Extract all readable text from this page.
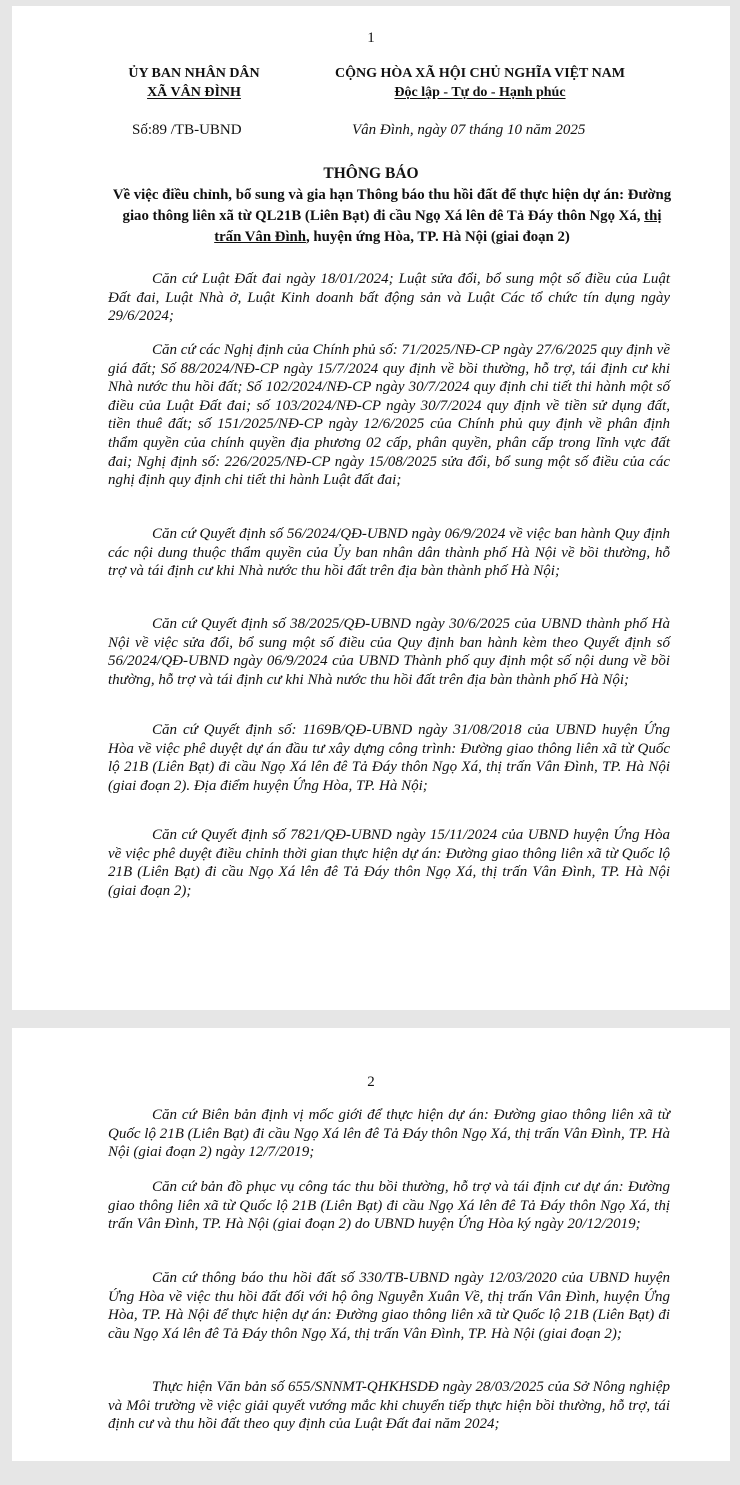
1
ỦY BAN NHÂN DÂN
XÃ VÂN ĐÌNH
CỘNG HÒA XÃ HỘI CHỦ NGHĨA VIỆT NAM
Độc lập - Tự do - Hạnh phúc
Số:89 /TB-UBND	Vân Đình, ngày 07 tháng 10 năm 2025
THÔNG BÁO
Về việc điều chỉnh, bổ sung và gia hạn Thông báo thu hồi đất để thực hiện dự án: Đường giao thông liên xã từ QL21B (Liên Bạt) đi cầu Ngọ Xá lên đê Tả Đáy thôn Ngọ Xá, thị trấn Vân Đình, huyện ứng Hòa, TP. Hà Nội (giai đoạn 2)

Căn cứ Luật Đất đai ngày 18/01/2024; Luật sửa đổi, bổ sung một số điều của Luật Đất đai, Luật Nhà ở, Luật Kinh doanh bất động sản và Luật Các tổ chức tín dụng ngày 29/6/2024;

Căn cứ các Nghị định của Chính phủ số: 71/2025/NĐ-CP ngày 27/6/2025 quy định về giá đất; Số 88/2024/NĐ-CP ngày 15/7/2024 quy định về bồi thường, hỗ trợ, tái định cư khi Nhà nước thu hồi đất; Số 102/2024/NĐ-CP ngày 30/7/2024 quy định chi tiết thi hành một số điều của Luật Đất đai; số 103/2024/NĐ-CP ngày 30/7/2024 quy định về tiền sử dụng đất, tiền thuê đất; số 151/2025/NĐ-CP ngày 12/6/2025 của Chính phủ quy định về phân định thẩm quyền của chính quyền địa phương 02 cấp, phân quyền, phân cấp trong lĩnh vực đất đai; Nghị định số: 226/2025/NĐ-CP ngày 15/08/2025 sửa đổi, bổ sung một số điều của các nghị định quy định chi tiết thi hành Luật đất đai;

Căn cứ Quyết định số 56/2024/QĐ-UBND ngày 06/9/2024 về việc ban hành Quy định các nội dung thuộc thẩm quyền của Ủy ban nhân dân thành phố Hà Nội về bồi thường, hỗ trợ và tái định cư khi Nhà nước thu hồi đất trên địa bàn thành phố Hà Nội;

Căn cứ Quyết định số 38/2025/QĐ-UBND ngày 30/6/2025 của UBND thành phố Hà Nội về việc sửa đổi, bổ sung một số điều của Quy định ban hành kèm theo Quyết định số 56/2024/QĐ-UBND ngày 06/9/2024 của UBND Thành phố quy định một số nội dung về bồi thường, hỗ trợ và tái định cư khi Nhà nước thu hồi đất trên địa bàn thành phố Hà Nội;

Căn cứ Quyết định số: 1169B/QĐ-UBND ngày 31/08/2018 của UBND huyện Ứng Hòa về việc phê duyệt dự án đầu tư xây dựng công trình: Đường giao thông liên xã từ Quốc lộ 21B (Liên Bạt) đi cầu Ngọ Xá lên đê Tả Đáy thôn Ngọ Xá, thị trấn Vân Đình, TP. Hà Nội (giai đoạn 2). Địa điểm huyện Ứng Hòa, TP. Hà Nội;

Căn cứ Quyết định số 7821/QĐ-UBND ngày 15/11/2024 của UBND huyện Ứng Hòa về việc phê duyệt điều chỉnh thời gian thực hiện dự án: Đường giao thông liên xã từ Quốc lộ 21B (Liên Bạt) đi cầu Ngọ Xá lên đê Tả Đáy thôn Ngọ Xá, thị trấn Vân Đình, TP. Hà Nội (giai đoạn 2);

2

Căn cứ Biên bản định vị mốc giới để thực hiện dự án: Đường giao thông liên xã từ Quốc lộ 21B (Liên Bạt) đi cầu Ngọ Xá lên đê Tả Đáy thôn Ngọ Xá, thị trấn Vân Đình, TP. Hà Nội (giai đoạn 2) ngày 12/7/2019;

Căn cứ bản đồ phục vụ công tác thu bồi thường, hỗ trợ và tái định cư dự án: Đường giao thông liên xã từ Quốc lộ 21B (Liên Bạt) đi cầu Ngọ Xá lên đê Tả Đáy thôn Ngọ Xá, thị trấn Vân Đình, TP. Hà Nội (giai đoạn 2) do UBND huyện Ứng Hòa ký ngày 20/12/2019;

Căn cứ thông báo thu hồi đất số 330/TB-UBND ngày 12/03/2020 của UBND huyện Ứng Hòa về việc thu hồi đất đối với hộ ông Nguyễn Xuân Về, thị trấn Vân Đình, huyện Ứng Hòa, TP. Hà Nội để thực hiện dự án: Đường giao thông liên xã từ Quốc lộ 21B (Liên Bạt) đi cầu Ngọ Xá lên đê Tả Đáy thôn Ngọ Xá, thị trấn Vân Đình, TP. Hà Nội (giai đoạn 2);

Thực hiện Văn bản số 655/SNNMT-QHKHSDĐ ngày 28/03/2025 của Sở Nông nghiệp và Môi trường về việc giải quyết vướng mắc khi chuyển tiếp thực hiện bồi thường, hỗ trợ, tái định cư và thu hồi đất theo quy định của Luật Đất đai năm 2024;
